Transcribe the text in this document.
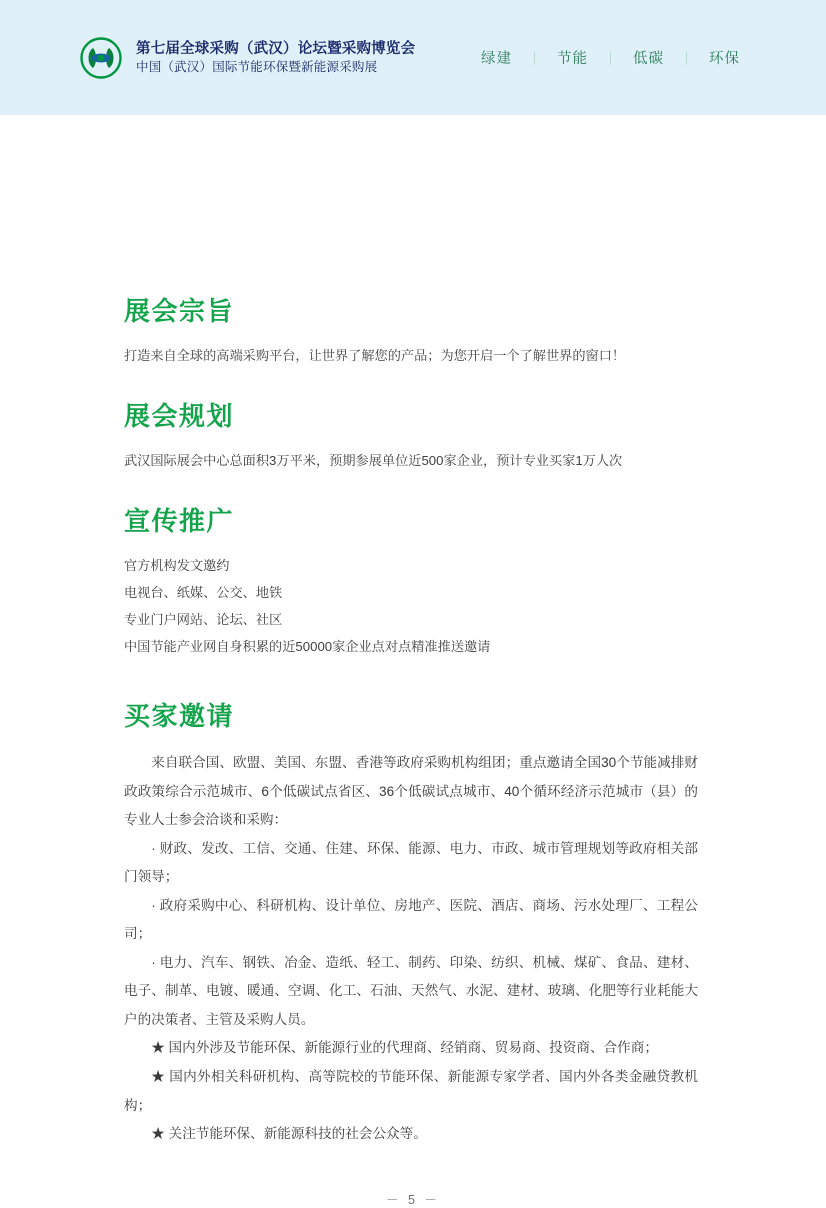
第七届全球采购（武汉）论坛暨采购博览会
中国（武汉）国际节能环保暨新能源采购展	绿建	｜	节能	｜	低碳	｜	环保
展会宗旨

打造来自全球的高端采购平台，让世界了解您的产品；为您开启一个了解世界的窗口！

展会规划

武汉国际展会中心总面积3万平米，预期参展单位近500家企业，预计专业买家1万人次

宣传推广
官方机构发文邀约
电视台、纸媒、公交、地铁
专业门户网站、论坛、社区
中国节能产业网自身积累的近50000家企业点对点精准推送邀请
买家邀请

来自联合国、欧盟、美国、东盟、香港等政府采购机构组团；重点邀请全国30个节能减排财政政策综合示范城市、6个低碳试点省区、36个低碳试点城市、40个循环经济示范城市（县）的专业人士参会洽谈和采购：

· 财政、发改、工信、交通、住建、环保、能源、电力、市政、城市管理规划等政府相关部门领导；

· 政府采购中心、科研机构、设计单位、房地产、医院、酒店、商场、污水处理厂、工程公司；

· 电力、汽车、钢铁、冶金、造纸、轻工、制药、印染、纺织、机械、煤矿、食品、建材、电子、制革、电镀、暖通、空调、化工、石油、天然气、水泥、建材、玻璃、化肥等行业耗能大户的决策者、主管及采购人员。

★ 国内外涉及节能环保、新能源行业的代理商、经销商、贸易商、投资商、合作商；

★ 国内外相关科研机构、高等院校的节能环保、新能源专家学者、国内外各类金融贷教机构；

★ 关注节能环保、新能源科技的社会公众等。

－ 5 －
